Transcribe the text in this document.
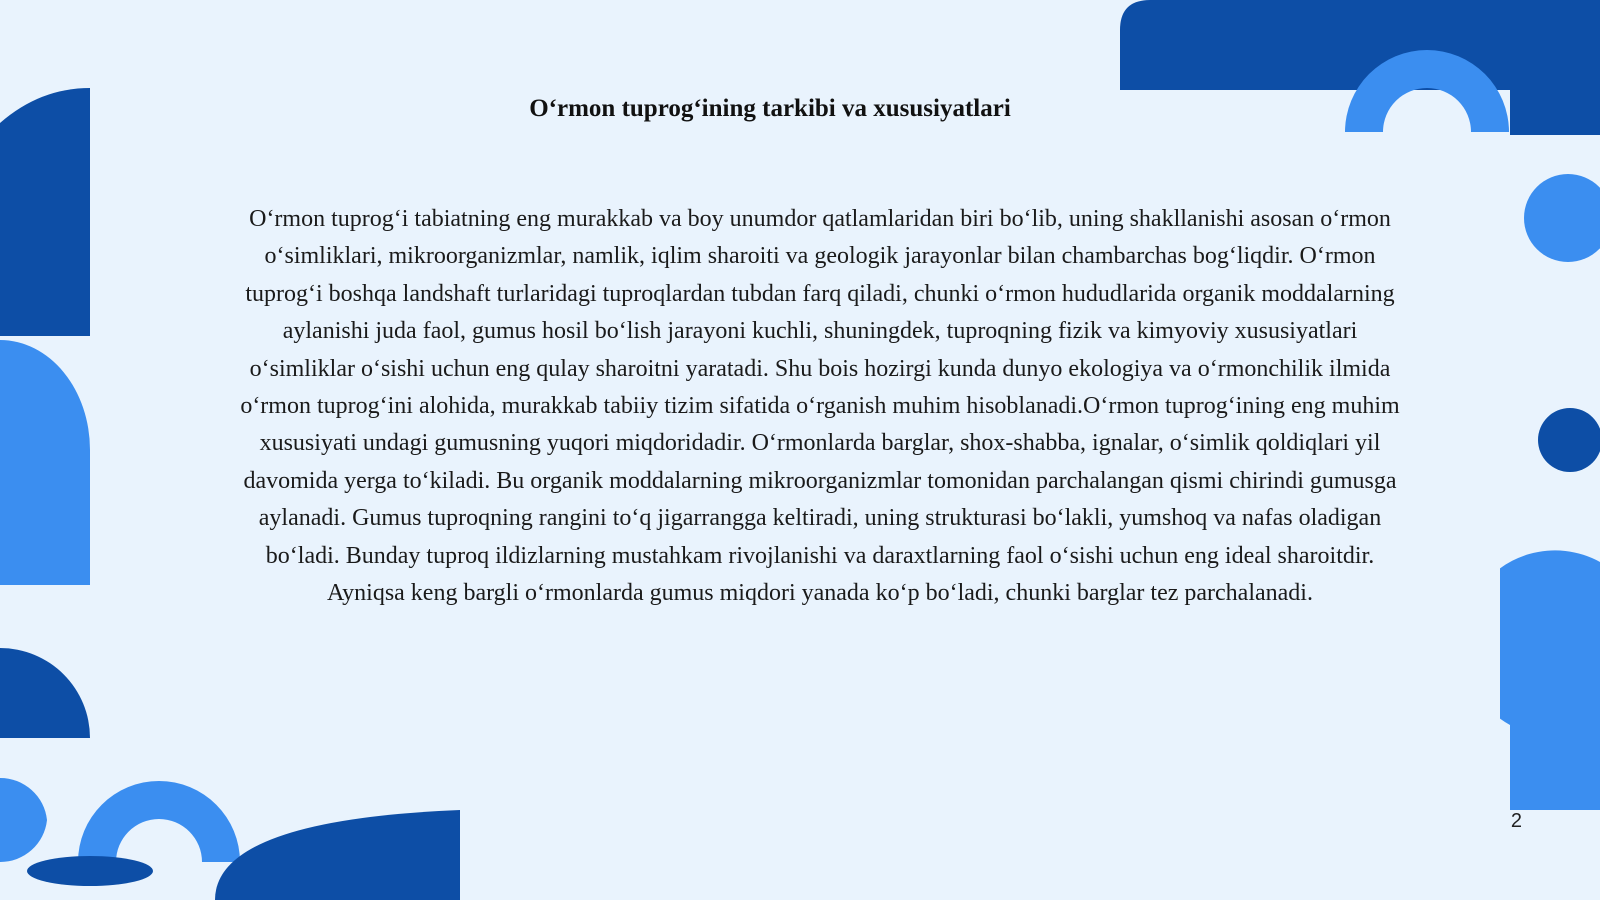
O‘rmon tuprog‘ining tarkibi va xususiyatlari

O‘rmon tuprog‘i tabiatning eng murakkab va boy unumdor qatlamlaridan biri bo‘lib, uning shakllanishi asosan o‘rmon o‘simliklari, mikroorganizmlar, namlik, iqlim sharoiti va geologik jarayonlar bilan chambarchas bog‘liqdir. O‘rmon tuprog‘i boshqa landshaft turlaridagi tuproqlardan tubdan farq qiladi, chunki o‘rmon hududlarida organik moddalarning aylanishi juda faol, gumus hosil bo‘lish jarayoni kuchli, shuningdek, tuproqning fizik va kimyoviy xususiyatlari o‘simliklar o‘sishi uchun eng qulay sharoitni yaratadi. Shu bois hozirgi kunda dunyo ekologiya va o‘rmonchilik ilmida o‘rmon tuprog‘ini alohida, murakkab tabiiy tizim sifatida o‘rganish muhim hisoblanadi.O‘rmon tuprog‘ining eng muhim xususiyati undagi gumusning yuqori miqdoridadir. O‘rmonlarda barglar, shox-shabba, ignalar, o‘simlik qoldiqlari yil davomida yerga to‘kiladi. Bu organik moddalarning mikroorganizmlar tomonidan parchalangan qismi chirindi gumusga aylanadi. Gumus tuproqning rangini to‘q jigarrangga keltiradi, uning strukturasi bo‘lakli, yumshoq va nafas oladigan bo‘ladi. Bunday tuproq ildizlarning mustahkam rivojlanishi va daraxtlarning faol o‘sishi uchun eng ideal sharoitdir. Ayniqsa keng bargli o‘rmonlarda gumus miqdori yanada ko‘p bo‘ladi, chunki barglar tez parchalanadi.

2
